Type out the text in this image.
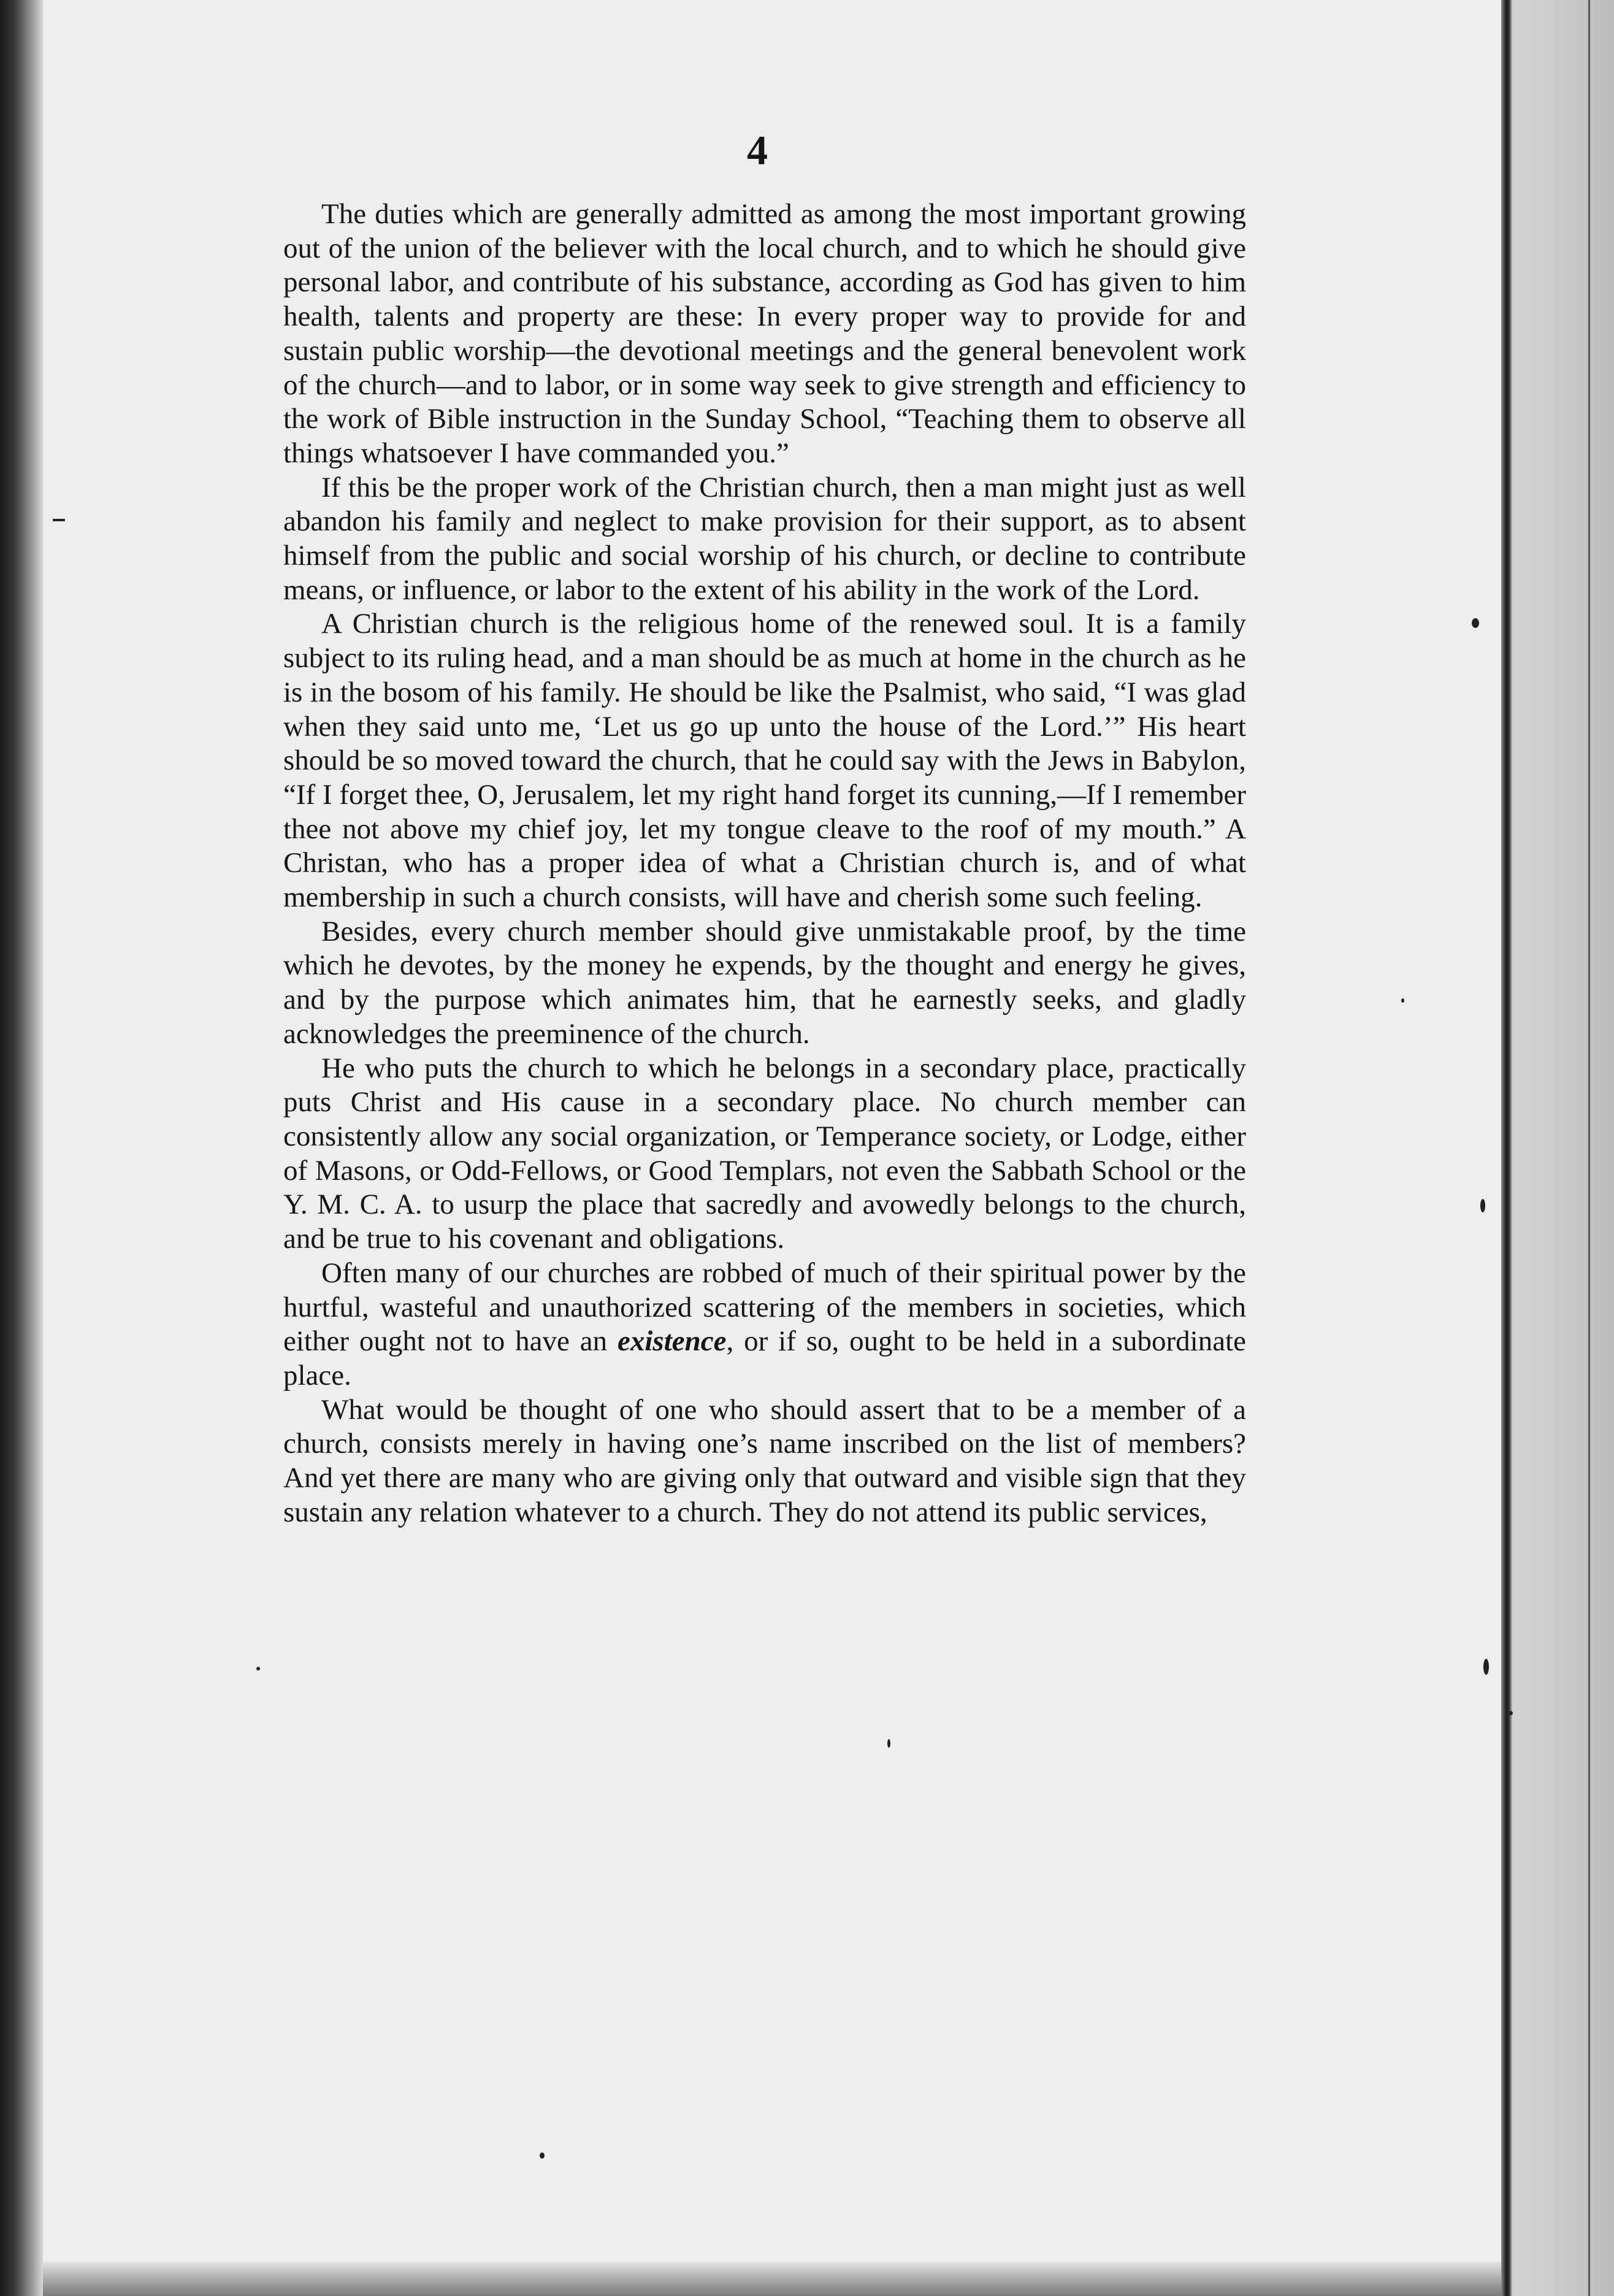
4

The duties which are generally admitted as among the most important growing out of the union of the believer with the local church, and to which he should give personal labor, and contribute of his substance, according as God has given to him health, talents and property are these: In every proper way to provide for and sustain public worship—the devotional meetings and the general benevolent work of the church—and to labor, or in some way seek to give strength and efficiency to the work of Bible instruction in the Sunday School, “Teaching them to observe all things whatsoever I have commanded you.”

If this be the proper work of the Christian church, then a man might just as well abandon his family and neglect to make provision for their support, as to absent himself from the public and social worship of his church, or decline to contribute means, or influence, or labor to the extent of his ability in the work of the Lord.

A Christian church is the religious home of the renewed soul. It is a family subject to its ruling head, and a man should be as much at home in the church as he is in the bosom of his family. He should be like the Psalmist, who said, “I was glad when they said unto me, ‘Let us go up unto the house of the Lord.’” His heart should be so moved toward the church, that he could say with the Jews in Babylon, “If I forget thee, O, Jerusalem, let my right hand forget its cunning,—If I remember thee not above my chief joy, let my tongue cleave to the roof of my mouth.” A Christan, who has a proper idea of what a Christian church is, and of what membership in such a church consists, will have and cherish some such feeling.

Besides, every church member should give unmistakable proof, by the time which he devotes, by the money he expends, by the thought and energy he gives, and by the purpose which animates him, that he earnestly seeks, and gladly acknowledges the preeminence of the church.

He who puts the church to which he belongs in a secondary place, practically puts Christ and His cause in a secondary place. No church member can consistently allow any social organization, or Temperance society, or Lodge, either of Masons, or Odd-Fellows, or Good Templars, not even the Sabbath School or the Y. M. C. A. to usurp the place that sacredly and avowedly belongs to the church, and be true to his covenant and obligations.

Often many of our churches are robbed of much of their spiritual power by the hurtful, wasteful and unauthorized scattering of the members in societies, which either ought not to have an existence, or if so, ought to be held in a subordinate place.

What would be thought of one who should assert that to be a member of a church, consists merely in having one’s name inscribed on the list of members? And yet there are many who are giving only that outward and visible sign that they sustain any relation whatever to a church. They do not attend its public services,
